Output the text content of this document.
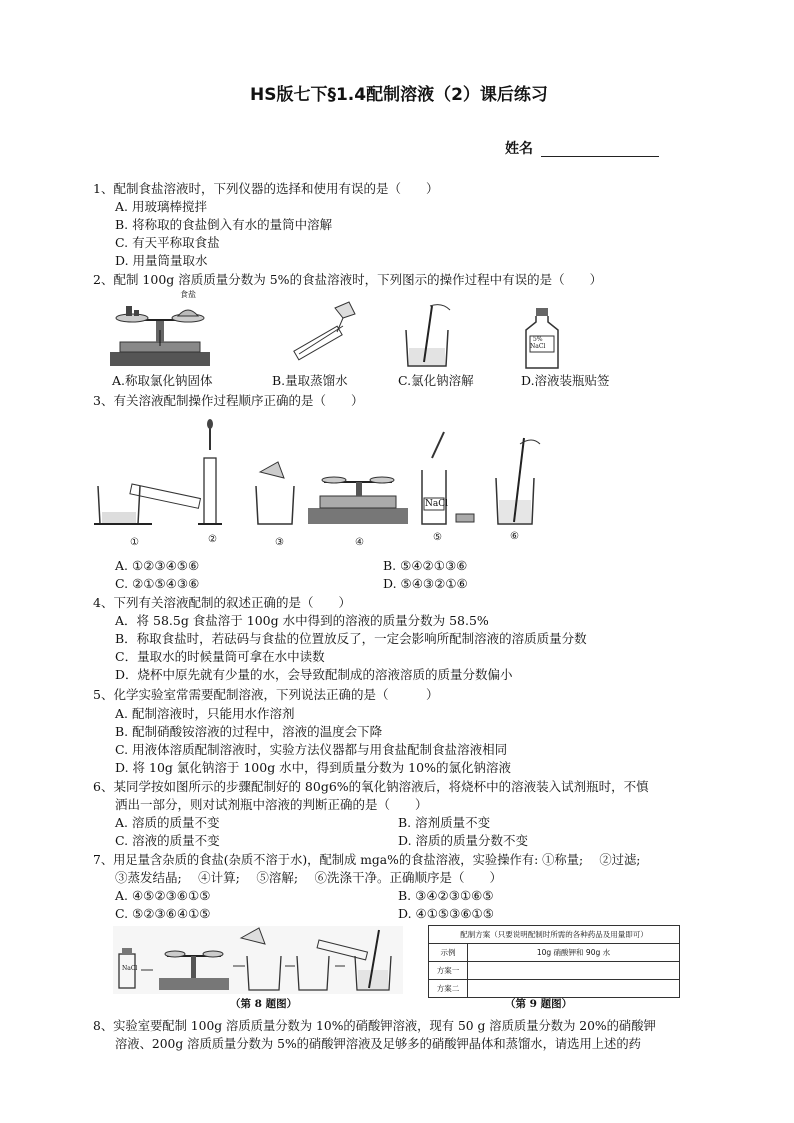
HS版七下§1.4配制溶液（2）课后练习
姓名
1、配制食盐溶液时，下列仪器的选择和使用有误的是（　　）
A. 用玻璃棒搅拌
B. 将称取的食盐倒入有水的量筒中溶解
C. 有天平称取食盐
D. 用量筒量取水
2、配制 100g 溶质质量分数为 5%的食盐溶液时，下列图示的操作过程中有误的是（　　）
食盐
A.称取氯化钠固体	B.量取蒸馏水	C.氯化钠溶解
5%
NaCl
D.溶液装瓶贴签
3、有关溶液配制操作过程顺序正确的是（　　）
NaCl
①	②	③	④	⑤	⑥
A. ①②③④⑤⑥	B. ⑤④②①③⑥
C. ②①⑤④③⑥	D. ⑤④③②①⑥
4、下列有关溶液配制的叙述正确的是（　　）
A．将 58.5g 食盐溶于 100g 水中得到的溶液的质量分数为 58.5%
B．称取食盐时，若砝码与食盐的位置放反了，一定会影响所配制溶液的溶质质量分数
C．量取水的时候量筒可拿在水中读数
D．烧杯中原先就有少量的水，会导致配制成的溶液溶质的质量分数偏小
5、化学实验室常需要配制溶液，下列说法正确的是（　　　）
A. 配制溶液时，只能用水作溶剂
B. 配制硝酸铵溶液的过程中，溶液的温度会下降
C. 用液体溶质配制溶液时，实验方法仪器都与用食盐配制食盐溶液相同
D. 将 10g 氯化钠溶于 100g 水中，得到质量分数为 10%的氯化钠溶液
6、某同学按如图所示的步骤配制好的 80g6%的氧化钠溶液后，将烧杯中的溶液装入试剂瓶时，不慎
洒出一部分，则对试剂瓶中溶液的判断正确的是（　　）
A. 溶质的质量不变	B. 溶剂质量不变
C. 溶液的质量不变	D. 溶质的质量分数不变
7、用足量含杂质的食盐(杂质不溶于水)，配制成 mga%的食盐溶液，实验操作有: ①称量;　 ②过滤;
③蒸发结晶;　 ④计算;　 ⑤溶解;　 ⑥洗涤干净。正确顺序是（　　）
A. ④⑤②③⑥①⑤	B. ③④②③①⑥⑤
C. ⑤②③⑥④①⑤	D. ④①⑤③⑥①⑤
NaCl
（第 8 题图）
配制方案（只要说明配制时所需的各种药品及用量即可）	
示例	10g 硝酸钾和 90g 水
方案一	
方案二	
（第 9 题图）
8、实验室要配制 100g 溶质质量分数为 10%的硝酸钾溶液，现有 50 g 溶质质量分数为 20%的硝酸钾
溶液、200g 溶质质量分数为 5%的硝酸钾溶液及足够多的硝酸钾晶体和蒸馏水，请选用上述的药
